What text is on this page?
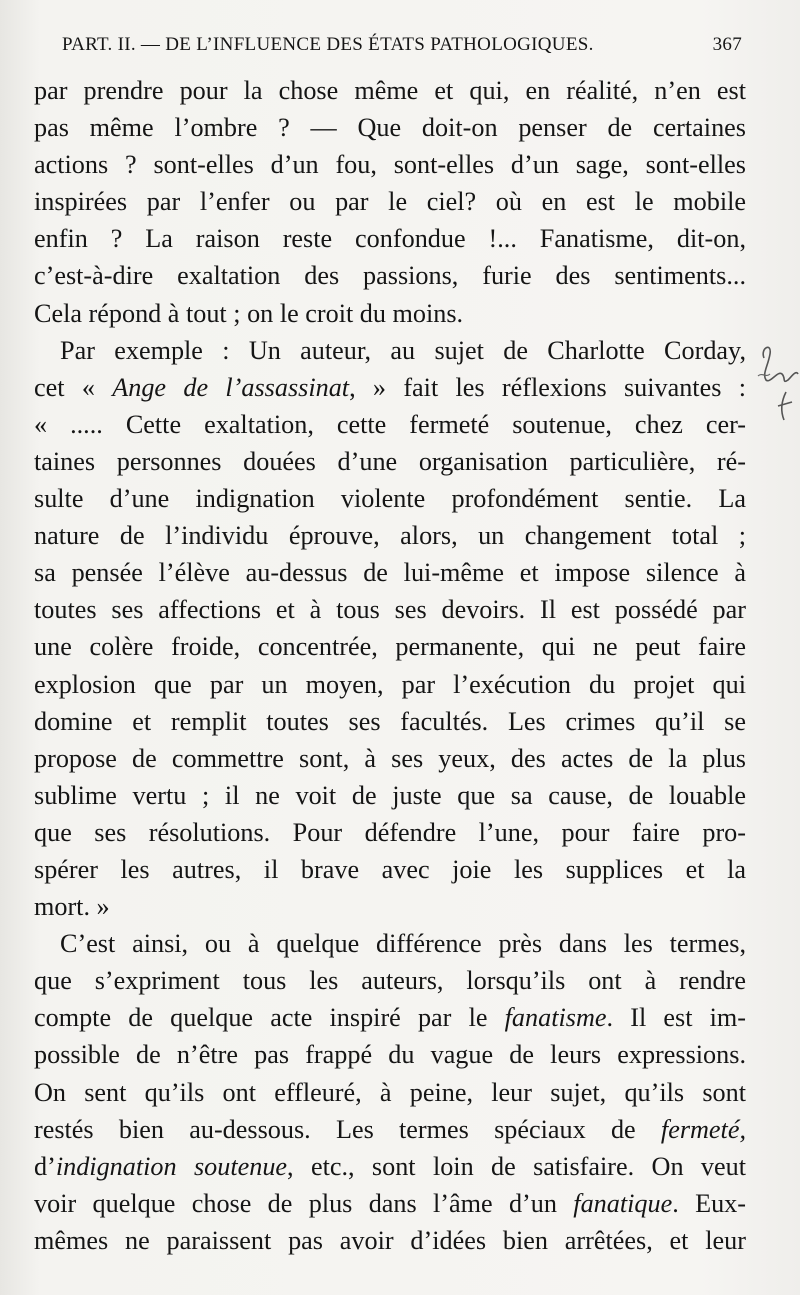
PART. II. — DE L’INFLUENCE DES ÉTATS PATHOLOGIQUES.	367
par prendre pour la chose même et qui, en réalité, n’en est
pas même l’ombre ? — Que doit-on penser de certaines
actions ? sont-elles d’un fou, sont-elles d’un sage, sont-elles
inspirées par l’enfer ou par le ciel? où en est le mobile
enfin ? La raison reste confondue !... Fanatisme, dit-on,
c’est-à-dire exaltation des passions, furie des sentiments...
Cela répond à tout ; on le croit du moins.
Par exemple : Un auteur, au sujet de Charlotte Corday,
cet « Ange de l’assassinat, » fait les réflexions suivantes :
« ..... Cette exaltation, cette fermeté soutenue, chez cer-
taines personnes douées d’une organisation particulière, ré-
sulte d’une indignation violente profondément sentie. La
nature de l’individu éprouve, alors, un changement total ;
sa pensée l’élève au-dessus de lui-même et impose silence à
toutes ses affections et à tous ses devoirs. Il est possédé par
une colère froide, concentrée, permanente, qui ne peut faire
explosion que par un moyen, par l’exécution du projet qui
domine et remplit toutes ses facultés. Les crimes qu’il se
propose de commettre sont, à ses yeux, des actes de la plus
sublime vertu ; il ne voit de juste que sa cause, de louable
que ses résolutions. Pour défendre l’une, pour faire pro-
spérer les autres, il brave avec joie les supplices et la
mort. »
C’est ainsi, ou à quelque différence près dans les termes,
que s’expriment tous les auteurs, lorsqu’ils ont à rendre
compte de quelque acte inspiré par le fanatisme. Il est im-
possible de n’être pas frappé du vague de leurs expressions.
On sent qu’ils ont effleuré, à peine, leur sujet, qu’ils sont
restés bien au-dessous. Les termes spéciaux de fermeté,
d’indignation soutenue, etc., sont loin de satisfaire. On veut
voir quelque chose de plus dans l’âme d’un fanatique. Eux-
mêmes ne paraissent pas avoir d’idées bien arrêtées, et leur
